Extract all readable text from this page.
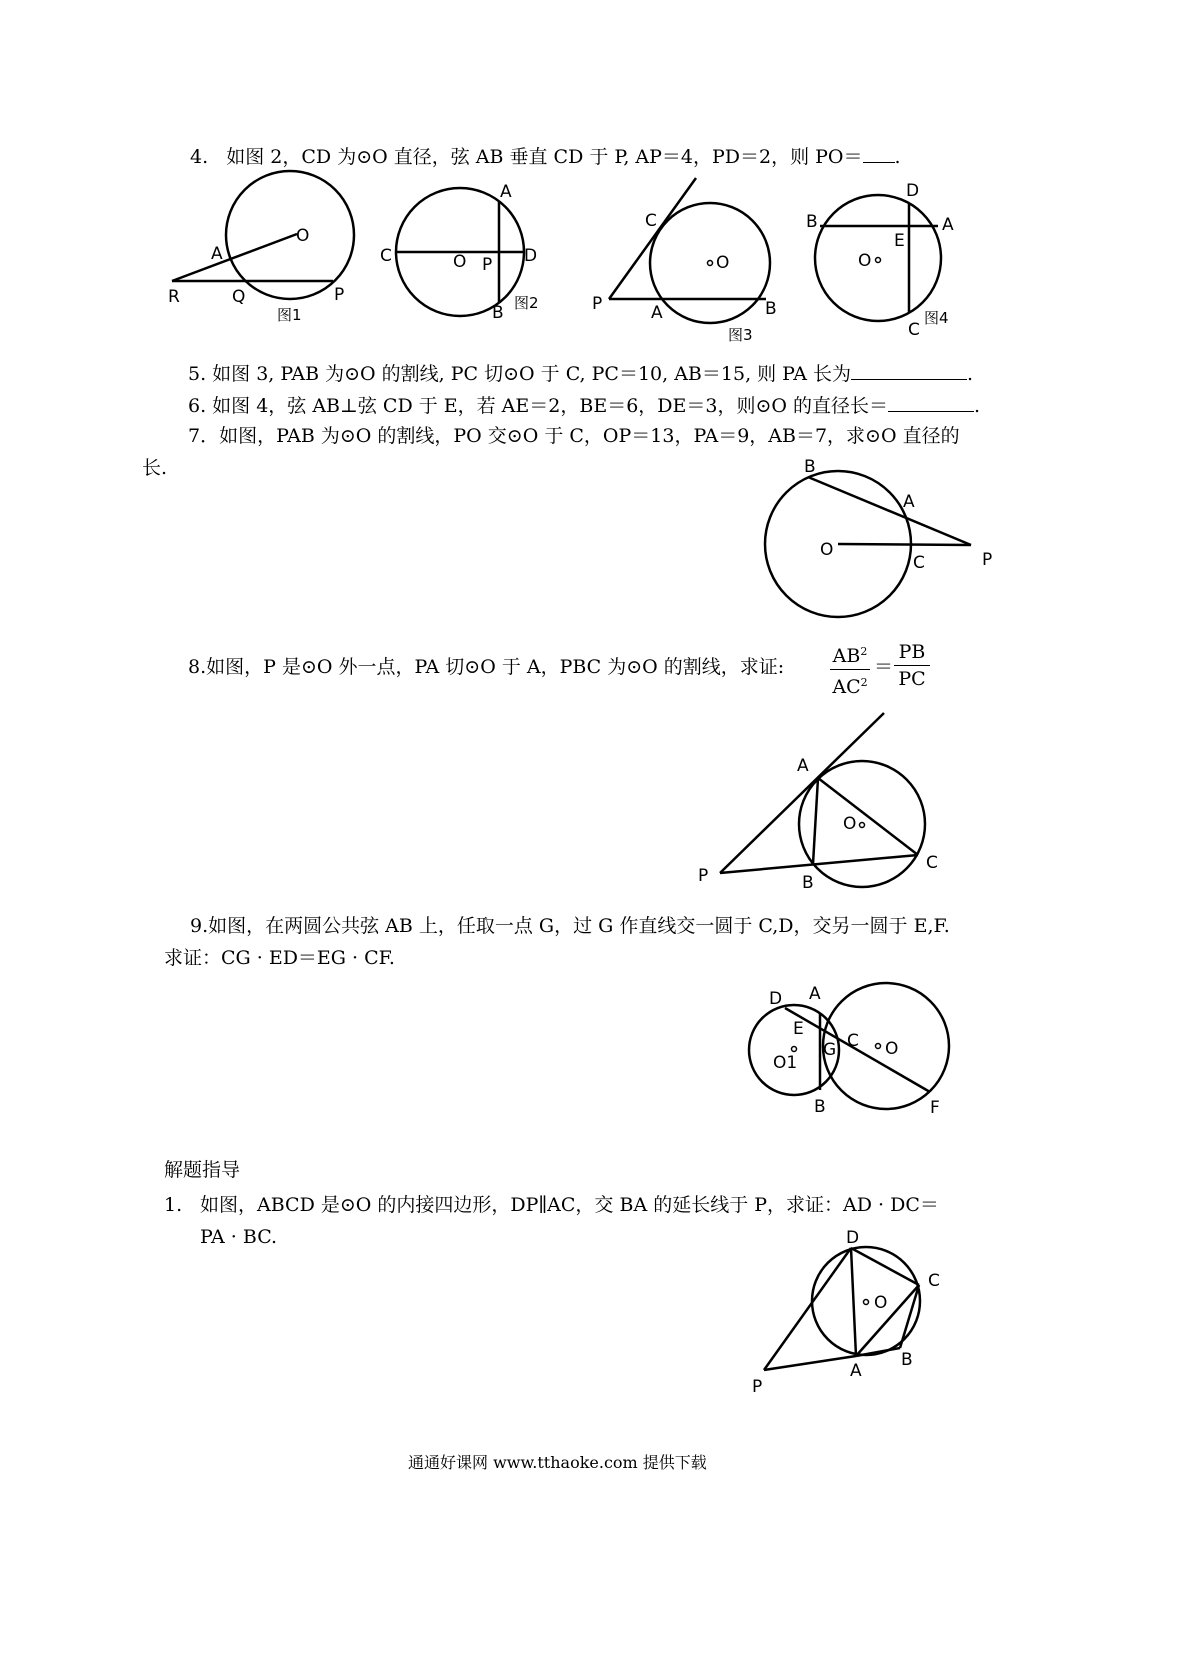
4. 如图 2，CD 为⊙O 直径，弦 AB 垂直 CD 于 P, AP＝4，PD＝2，则 PO＝ .
5. 如图 3, PAB 为⊙O 的割线, PC 切⊙O 于 C, PC＝10, AB＝15, 则 PA 长为	.
6. 如图 4，弦 AB⊥弦 CD 于 E，若 AE＝2，BE＝6，DE＝3，则⊙O 的直径长＝	.
7．如图，PAB 为⊙O 的割线，PO 交⊙O 于 C，OP＝13，PA＝9，AB＝7，求⊙O 直径的
长.
8.如图，P 是⊙O 外一点，PA 切⊙O 于 A，PBC 为⊙O 的割线，求证:	$AB^2$
$AC^2$
＝
PB
PC
9.如图，在两圆公共弦 AB 上，任取一点 G，过 G 作直线交一圆于 C,D，交另一圆于 E,F.
求证：CG · ED＝EG · CF.
解题指导
1. 如图，ABCD 是⊙O 的内接四边形，DP∥AC，交 BA 的延长线于 P，求证：AD · DC＝
PA · BC.
通通好课网 www.tthaoke.com 提供下载
O
A
R	Q	P
图1
A
C	O P D
B 图2
C
O
P	A	B
图3
D
B	A
E
O
C
图4
B
A
O
C	P
A
O
P	B
C
D A
E
C O
G
O1
B	F
D
C
O
A
B
P
